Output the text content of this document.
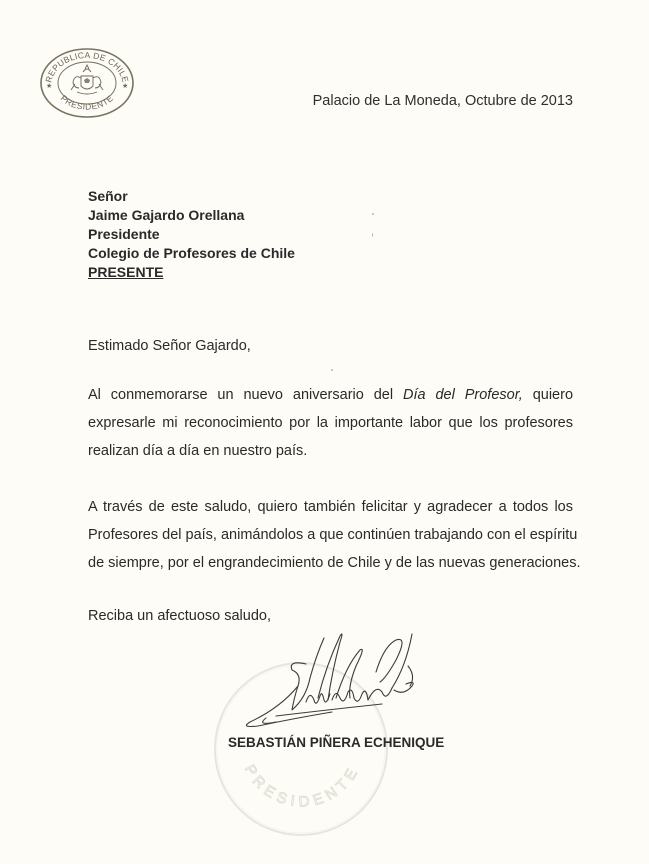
REPUBLICA DE CHILE
PRESIDENTE
★	★
Palacio de La Moneda, Octubre de 2013
Señor
Jaime Gajardo Orellana
Presidente
Colegio de Profesores de Chile
PRESENTE
Estimado Señor Gajardo,
Al conmemorarse un nuevo aniversario del Día del Profesor, quiero
expresarle mi reconocimiento por la importante labor que los profesores
realizan día a día en nuestro país.
A través de este saludo, quiero también felicitar y agradecer a todos los
Profesores del país, animándolos a que continúen trabajando con el espíritu
de siempre, por el engrandecimiento de Chile y de las nuevas generaciones.
Reciba un afectuoso saludo,
PRESIDENTE
SEBASTIÁN PIÑERA ECHENIQUE
